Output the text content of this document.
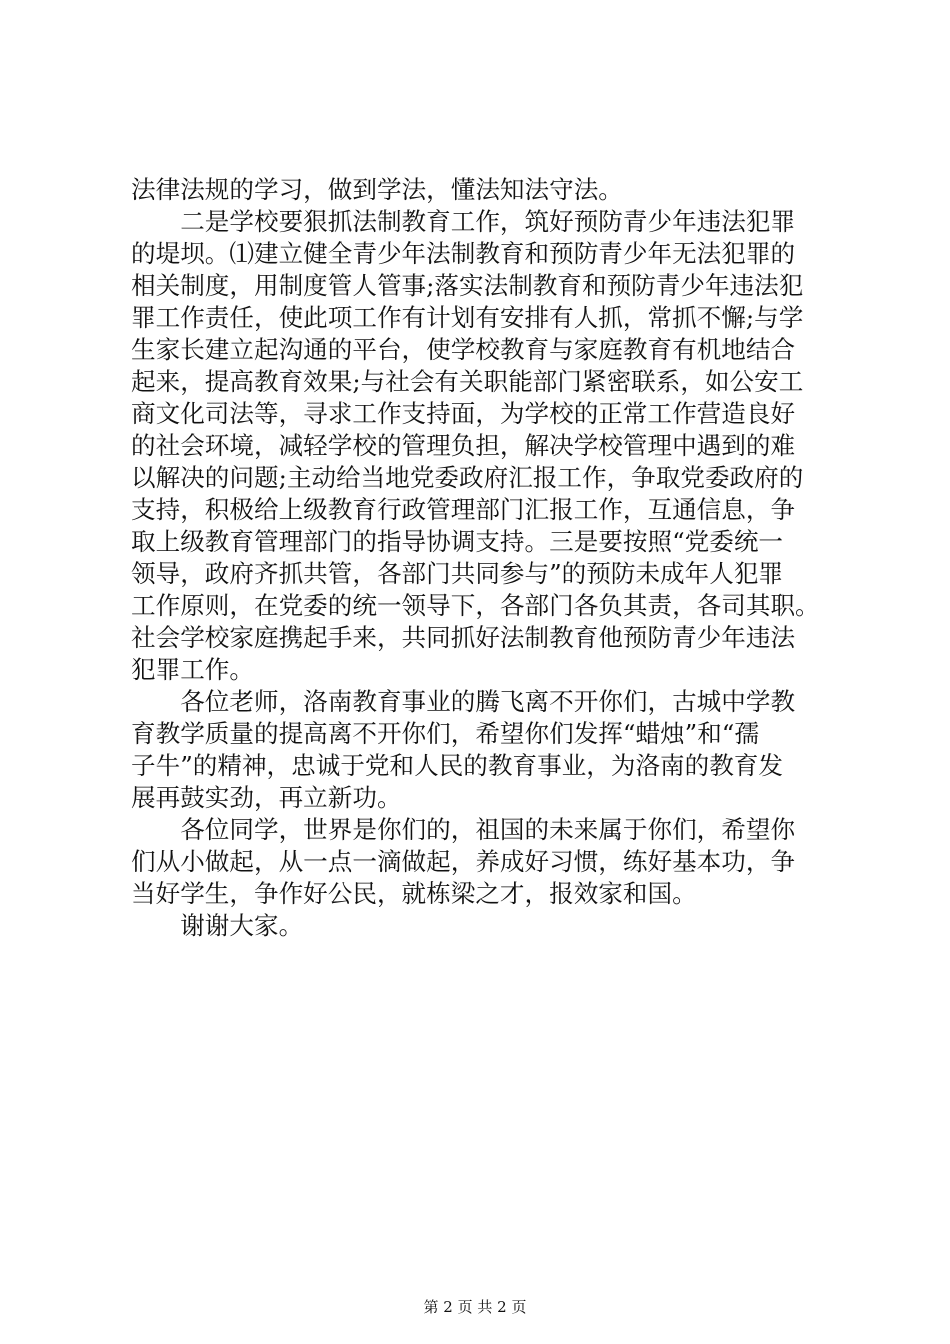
法律法规的学习，做到学法，懂法知法守法。
　　二是学校要狠抓法制教育工作，筑好预防青少年违法犯罪
的堤坝。⑴建立健全青少年法制教育和预防青少年无法犯罪的
相关制度，用制度管人管事;落实法制教育和预防青少年违法犯
罪工作责任，使此项工作有计划有安排有人抓，常抓不懈;与学
生家长建立起沟通的平台，使学校教育与家庭教育有机地结合
起来，提高教育效果;与社会有关职能部门紧密联系，如公安工
商文化司法等，寻求工作支持面，为学校的正常工作营造良好
的社会环境，减轻学校的管理负担，解决学校管理中遇到的难
以解决的问题;主动给当地党委政府汇报工作，争取党委政府的
支持，积极给上级教育行政管理部门汇报工作，互通信息，争
取上级教育管理部门的指导协调支持。三是要按照“党委统一
领导，政府齐抓共管，各部门共同参与”的预防未成年人犯罪
工作原则，在党委的统一领导下，各部门各负其责，各司其职。
社会学校家庭携起手来，共同抓好法制教育他预防青少年违法
犯罪工作。
　　各位老师，洛南教育事业的腾飞离不开你们，古城中学教
育教学质量的提高离不开你们，希望你们发挥“蜡烛”和“孺
子牛”的精神，忠诚于党和人民的教育事业，为洛南的教育发
展再鼓实劲，再立新功。
　　各位同学，世界是你们的，祖国的未来属于你们，希望你
们从小做起，从一点一滴做起，养成好习惯，练好基本功，争
当好学生，争作好公民，就栋梁之才，报效家和国。
　　谢谢大家。
第 2 页 共 2 页
